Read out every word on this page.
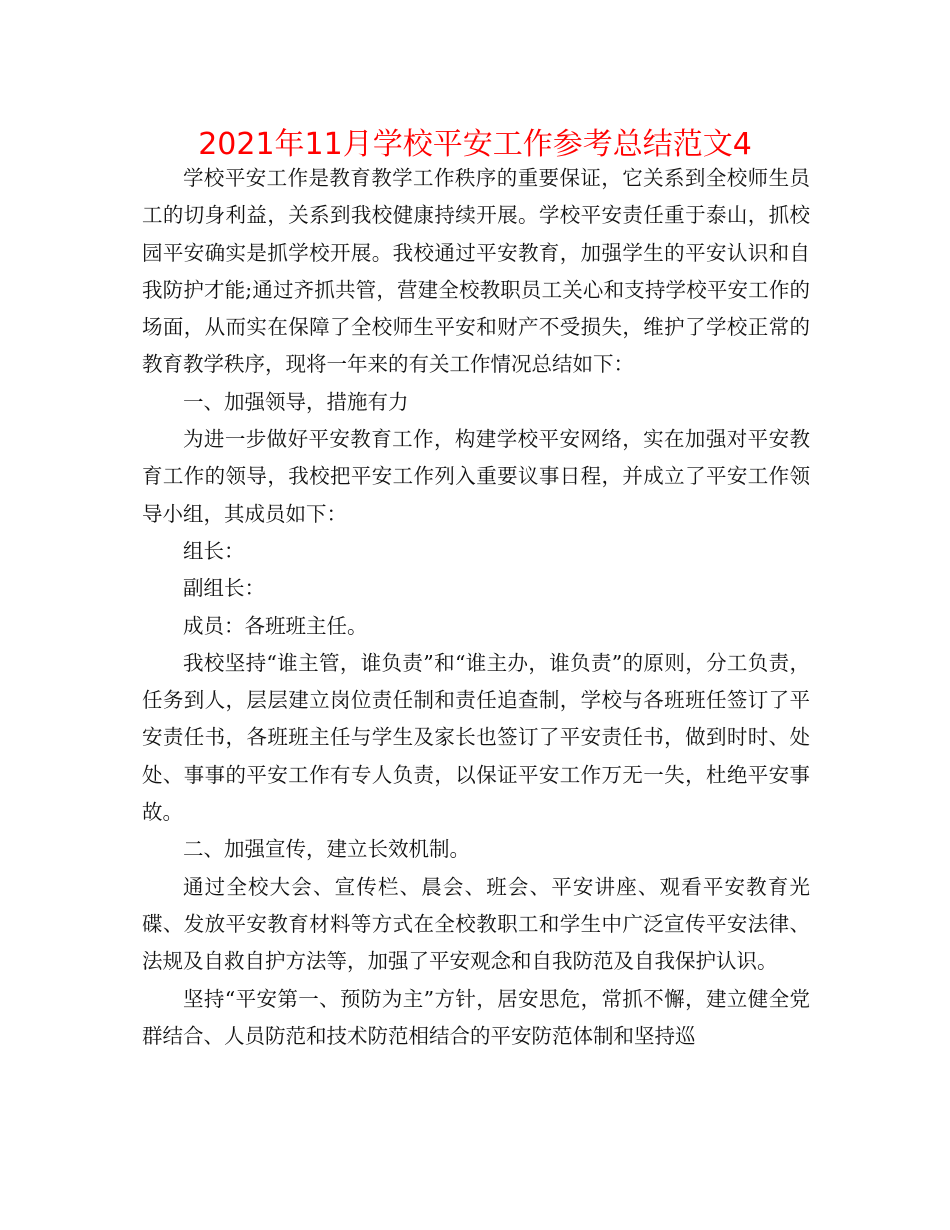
2021年11月学校平安工作参考总结范文4

学校平安工作是教育教学工作秩序的重要保证，它关系到全校师生员工的切身利益，关系到我校健康持续开展。学校平安责任重于泰山，抓校园平安确实是抓学校开展。我校通过平安教育，加强学生的平安认识和自我防护才能;通过齐抓共管，营建全校教职员工关心和支持学校平安工作的场面，从而实在保障了全校师生平安和财产不受损失，维护了学校正常的教育教学秩序，现将一年来的有关工作情况总结如下：

一、加强领导，措施有力

为进一步做好平安教育工作，构建学校平安网络，实在加强对平安教育工作的领导，我校把平安工作列入重要议事日程，并成立了平安工作领导小组，其成员如下：

组长：

副组长：

成员：各班班主任。

我校坚持“谁主管，谁负责”和“谁主办，谁负责”的原则，分工负责，任务到人，层层建立岗位责任制和责任追查制，学校与各班班任签订了平安责任书，各班班主任与学生及家长也签订了平安责任书，做到时时、处处、事事的平安工作有专人负责，以保证平安工作万无一失，杜绝平安事故。

二、加强宣传，建立长效机制。

通过全校大会、宣传栏、晨会、班会、平安讲座、观看平安教育光碟、发放平安教育材料等方式在全校教职工和学生中广泛宣传平安法律、法规及自救自护方法等，加强了平安观念和自我防范及自我保护认识。

坚持“平安第一、预防为主”方针，居安思危，常抓不懈，建立健全党群结合、人员防范和技术防范相结合的平安防范体制和坚持巡
